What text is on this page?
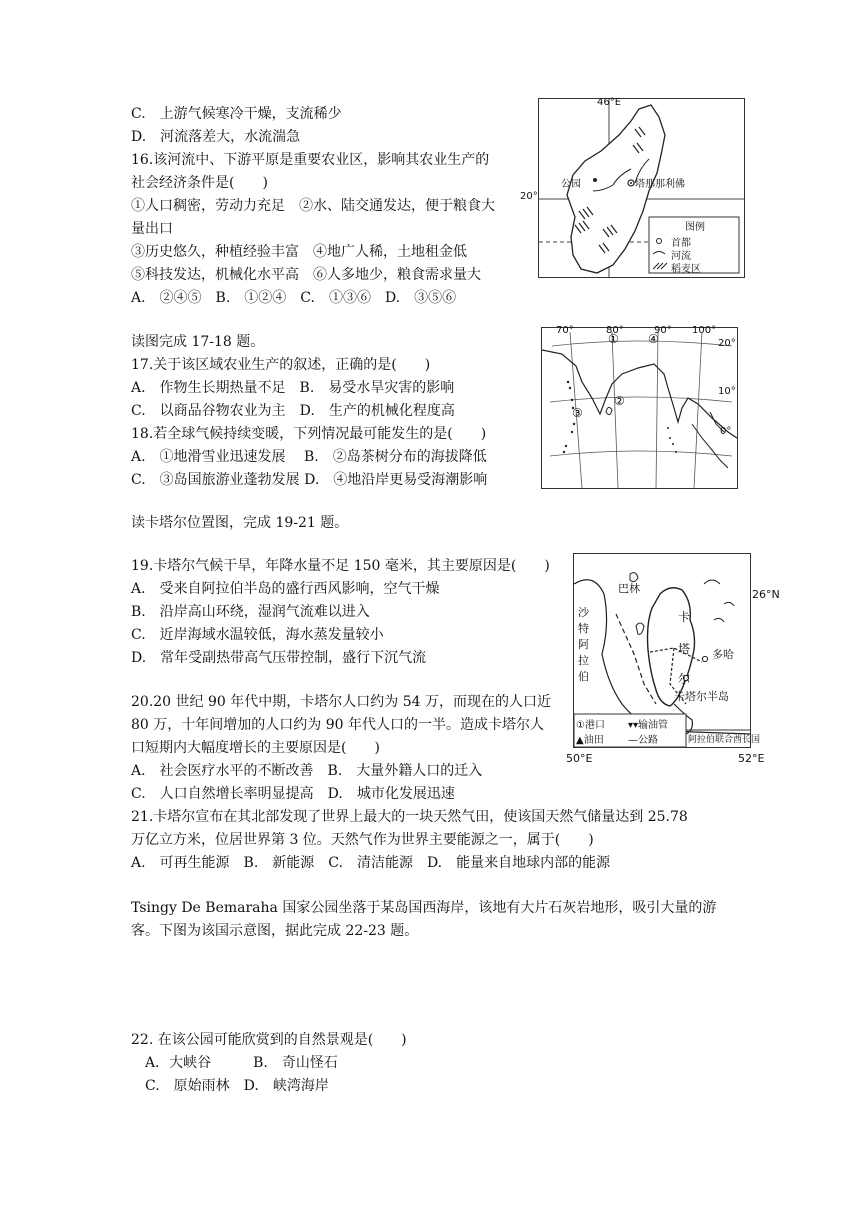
C.　上游气候寒冷干燥，支流稀少
D.　河流落差大，水流湍急
16.该河流中、下游平原是重要农业区，影响其农业生产的
社会经济条件是(　　)
①人口稠密，劳动力充足　②水、陆交通发达，便于粮食大
量出口
③历史悠久，种植经验丰富　④地广人稀，土地租金低
⑤科技发达，机械化水平高　⑥人多地少，粮食需求量大
A.　②④⑤　B.　①②④　C.　①③⑥　D.　③⑤⑥
46°E
公园	塔那那利佛
图例
首都
河流
稻麦区
20°
读图完成 17-18 题。
17.关于该区域农业生产的叙述，正确的是(　　)
A.　作物生长期热量不足　B.　易受水旱灾害的影响
C.　以商品谷物农业为主　D.　生产的机械化程度高
18.若全球气候持续变暖，下列情况最可能发生的是(　　)
A.　①地滑雪业迅速发展　 B.　②岛茶树分布的海拔降低
C.　③岛国旅游业蓬勃发展 D.　④地沿岸更易受海潮影响
70°	80°	90° 100°
20°
10°
0°
① ④
②
③
读卡塔尔位置图，完成 19-21 题。
19.卡塔尔气候干旱，年降水量不足 150 毫米，其主要原因是(　　)
A.　受来自阿拉伯半岛的盛行西风影响，空气干燥
B.　沿岸高山环绕，湿润气流难以进入
C.　近岸海域水温较低，海水蒸发量较小
D.　常年受副热带高气压带控制，盛行下沉气流
巴林
沙
特
阿
拉
伯
卡
塔
尔
多哈
卡塔尔半岛
①港口 ▾▾输油管
▲油田 —公路	阿拉伯联合酋长国
26°N
50°E	52°E
20.20 世纪 90 年代中期，卡塔尔人口约为 54 万，而现在的人口近
80 万，十年间增加的人口约为 90 年代人口的一半。造成卡塔尔人
口短期内大幅度增长的主要原因是(　　)
A.　社会医疗水平的不断改善　B.　大量外籍人口的迁入
C.　人口自然增长率明显提高　D.　城市化发展迅速
21.卡塔尔宣布在其北部发现了世界上最大的一块天然气田，使该国天然气储量达到 25.78
万亿立方米，位居世界第 3 位。天然气作为世界主要能源之一，属于(　　)
A.　可再生能源　B.　新能源　C.　清洁能源　D.　能量来自地球内部的能源
Tsingy De Bemaraha 国家公园坐落于某岛国西海岸，该地有大片石灰岩地形，吸引大量的游
客。下图为该国示意图，据此完成 22-23 题。
22. 在该公园可能欣赏到的自然景观是(　　)
　A．大峡谷　　　B.　奇山怪石
　C.　原始雨林　D.　峡湾海岸
